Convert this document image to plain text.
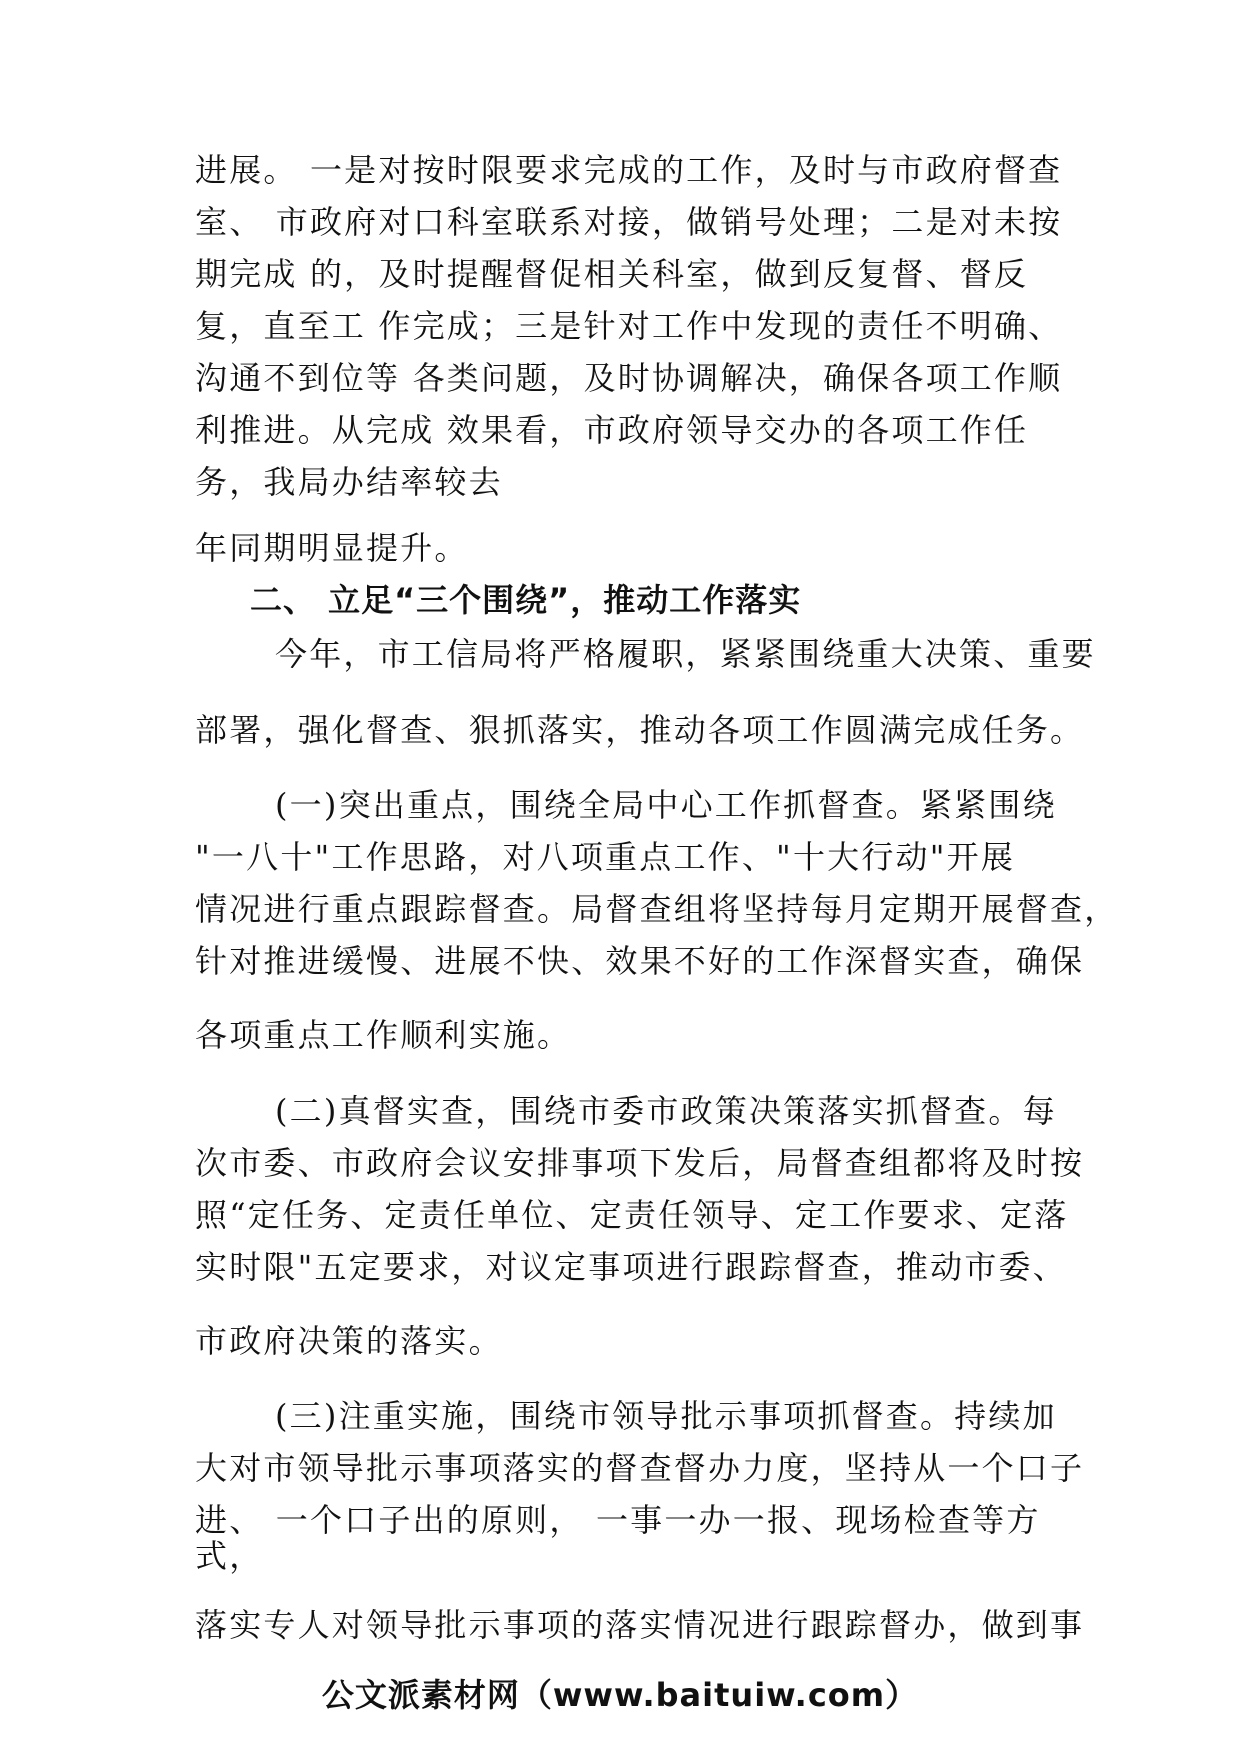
进展。 一是对按时限要求完成的工作，及时与市政府督查
室、 市政府对口科室联系对接，做销号处理；二是对未按
期完成 的，及时提醒督促相关科室，做到反复督、督反
复，直至工 作完成；三是针对工作中发现的责任不明确、
沟通不到位等 各类问题，及时协调解决，确保各项工作顺
利推进。从完成 效果看，市政府领导交办的各项工作任
务，我局办结率较去
年同期明显提升。
二、 立足“三个围绕”，推动工作落实
今年，市工信局将严格履职，紧紧围绕重大决策、重要
部署，强化督查、狠抓落实，推动各项工作圆满完成任务。
(一)突出重点，围绕全局中心工作抓督查。紧紧围绕
"一八十"工作思路，对八项重点工作、"十大行动"开展
情况进行重点跟踪督查。局督查组将坚持每月定期开展督查，
针对推进缓慢、进展不快、效果不好的工作深督实查，确保
各项重点工作顺利实施。
(二)真督实查，围绕市委市政策决策落实抓督查。每
次市委、市政府会议安排事项下发后，局督查组都将及时按
照“定任务、定责任单位、定责任领导、定工作要求、定落
实时限"五定要求，对议定事项进行跟踪督查，推动市委、
市政府决策的落实。
(三)注重实施，围绕市领导批示事项抓督查。持续加
大对市领导批示事项落实的督查督办力度，坚持从一个口子
进、 一个口子出的原则， 一事一办一报、现场检查等方
式，
落实专人对领导批示事项的落实情况进行跟踪督办，做到事
公文派素材网（www.baituiw.com）
